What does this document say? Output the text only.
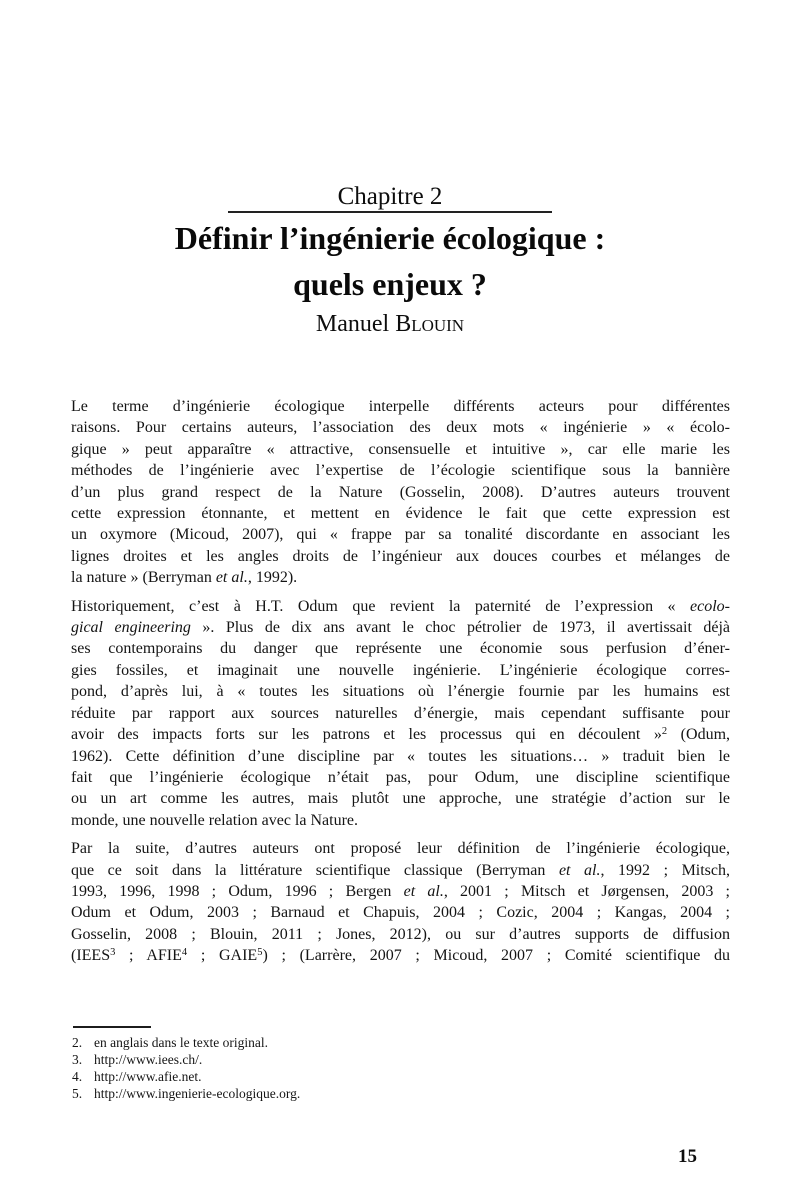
Chapitre 2
Définir l’ingénierie écologique :
quels enjeux ?
Manuel Blouin
Le terme d’ingénierie écologique interpelle différents acteurs pour différentes
raisons. Pour certains auteurs, l’association des deux mots « ingénierie » « écolo-
gique » peut apparaître « attractive, consensuelle et intuitive », car elle marie les
méthodes de l’ingénierie avec l’expertise de l’écologie scientifique sous la bannière
d’un plus grand respect de la Nature (Gosselin, 2008). D’autres auteurs trouvent
cette expression étonnante, et mettent en évidence le fait que cette expression est
un oxymore (Micoud, 2007), qui « frappe par sa tonalité discordante en associant les
lignes droites et les angles droits de l’ingénieur aux douces courbes et mélanges de
la nature » (Berryman et al., 1992).
Historiquement, c’est à H.T. Odum que revient la paternité de l’expression « ecolo-
gical engineering ». Plus de dix ans avant le choc pétrolier de 1973, il avertissait déjà
ses contemporains du danger que représente une économie sous perfusion d’éner-
gies fossiles, et imaginait une nouvelle ingénierie. L’ingénierie écologique corres-
pond, d’après lui, à « toutes les situations où l’énergie fournie par les humains est
réduite par rapport aux sources naturelles d’énergie, mais cependant suffisante pour
avoir des impacts forts sur les patrons et les processus qui en découlent »$^2$ (Odum,
1962). Cette définition d’une discipline par « toutes les situations… » traduit bien le
fait que l’ingénierie écologique n’était pas, pour Odum, une discipline scientifique
ou un art comme les autres, mais plutôt une approche, une stratégie d’action sur le
monde, une nouvelle relation avec la Nature.
Par la suite, d’autres auteurs ont proposé leur définition de l’ingénierie écologique,
que ce soit dans la littérature scientifique classique (Berryman et al., 1992 ; Mitsch,
1993, 1996, 1998 ; Odum, 1996 ; Bergen et al., 2001 ; Mitsch et Jørgensen, 2003 ;
Odum et Odum, 2003 ; Barnaud et Chapuis, 2004 ; Cozic, 2004 ; Kangas, 2004 ;
Gosselin, 2008 ; Blouin, 2011 ; Jones, 2012), ou sur d’autres supports de diffusion
(IEES$^3$ ; AFIE$^4$ ; GAIE$^5$) ; (Larrère, 2007 ; Micoud, 2007 ; Comité scientifique du
2. en anglais dans le texte original.
3. http://www.iees.ch/.
4. http://www.afie.net.
5. http://www.ingenierie-ecologique.org.
15
